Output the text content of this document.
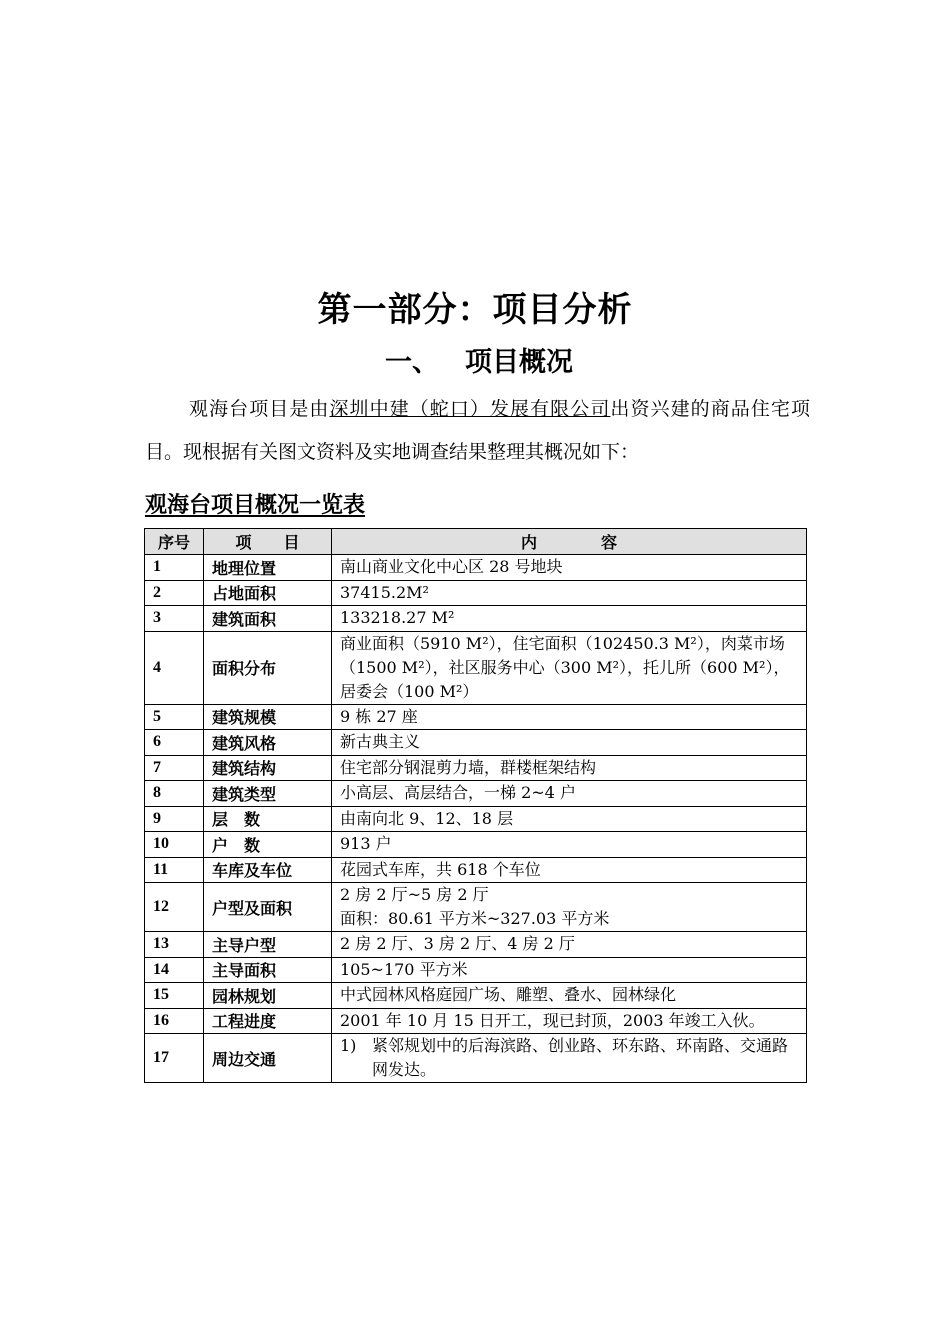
第一部分：项目分析
一、 项目概况
观海台项目是由深圳中建（蛇口）发展有限公司出资兴建的商品住宅项目。现根据有关图文资料及实地调查结果整理其概况如下：
观海台项目概况一览表
序号	项　　目	内　　　　容
1	地理位置	南山商业文化中心区 28 号地块
2	占地面积	37415.2M²
3	建筑面积	133218.27 M²
4	面积分布	商业面积（5910 M²），住宅面积（102450.3 M²），肉菜市场（1500 M²），社区服务中心（300 M²），托儿所（600 M²），居委会（100 M²）
5	建筑规模	9 栋 27 座
6	建筑风格	新古典主义
7	建筑结构	住宅部分钢混剪力墙，群楼框架结构
8	建筑类型	小高层、高层结合，一梯 2~4 户
9	层　数	由南向北 9、12、18 层
10	户　数	913 户
11	车库及车位	花园式车库，共 618 个车位
12	户型及面积	2 房 2 厅~5 房 2 厅
面积：80.61 平方米~327.03 平方米

13	主导户型	2 房 2 厅、3 房 2 厅、4 房 2 厅
14	主导面积	105~170 平方米
15	园林规划	中式园林风格庭园广场、雕塑、叠水、园林绿化
16	工程进度	2001 年 10 月 15 日开工，现已封顶，2003 年竣工入伙。
17	周边交通	1) 紧邻规划中的后海滨路、创业路、环东路、环南路、交通路网发达。
